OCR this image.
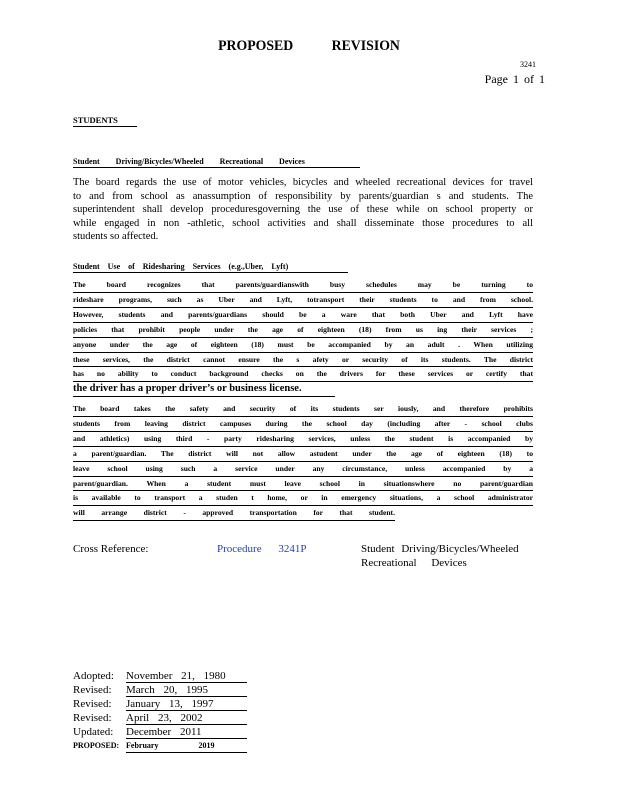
PROPOSED REVISION
3241
Page 1 of 1
STUDENTS
Student Driving/Bicycles/Wheeled Recreational Devices
The board regards the use of motor vehicles, bicycles and wheeled recreational devices for travel
to and from school as anassumption of responsibility by parents/guardian s and students. The
superintendent shall develop proceduresgoverning the use of these while on school property or
while engaged in non -athletic, school activities and shall disseminate those procedures to all
students so affected.
Student Use of Ridesharing Services (e.g.,Uber, Lyft)
The board recognizes that parents/guardianswith busy schedules may be turning to
rideshare programs, such as Uber and Lyft, totransport their students to and from school.
However, students and parents/guardians should be a ware that both Uber and Lyft have
policies that prohibit people under the age of eighteen (18) from us ing their services ;
anyone under the age of eighteen (18) must be accompanied by an adult . When utilizing
these services, the district cannot ensure the s afety or security of its students. The district
has no ability to conduct background checks on the drivers for these services or certify that
the driver has a proper driver’s or business license.
The board takes the safety and security of its students ser iously, and therefore prohibits
students from leaving district campuses during the school day (including after - school clubs
and athletics) using third - party ridesharing services, unless the student is accompanied by
a parent/guardian. The district will not allow astudent under the age of eighteen (18) to
leave school using such a service under any circumstance, unless accompanied by a
parent/guardian. When a student must leave school in situationswhere no parent/guardian
is available to transport a studen t home, or in emergency situations, a school administrator
will arrange district - approved transportation for that student.
Cross Reference:	Procedure 3241P	Student Driving/Bicycles/Wheeled
Recreational Devices
Adopted:	November 21, 1980
Revised:	March 20, 1995
Revised:	January 13, 1997
Revised:	April 23, 2002
Updated:	December 2011
PROPOSED: February 2019
